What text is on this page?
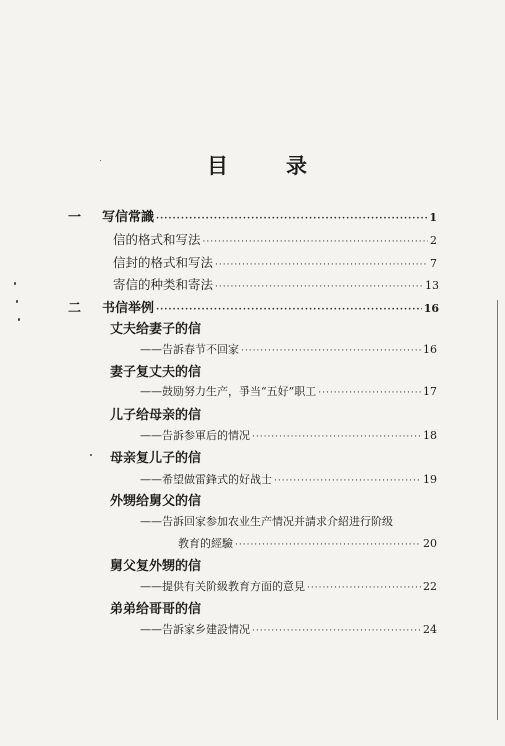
目	录
一	写信常識 ·····	1
信的格式和写法 ·····	2
信封的格式和写法 ·····	7
寄信的种类和寄法 ·····	13
二	书信举例 ·····	16
丈夫给妻子的信
——告訴春节不回家 ·····	16
妻子复丈夫的信
——鼓励努力生产，爭当“五好”职工 ·····	17
儿子给母亲的信
——告訴参軍后的情况 ·····	18
母亲复儿子的信
——希望做雷鋒式的好战士 ·····	19
外甥给舅父的信
——告訴回家参加农业生产情况并請求介紹进行阶级
教育的經驗 ·····	20
舅父复外甥的信
——提供有关阶級教育方面的意見 ·····	22
弟弟给哥哥的信
——告訴家乡建設情况 ·····	24
